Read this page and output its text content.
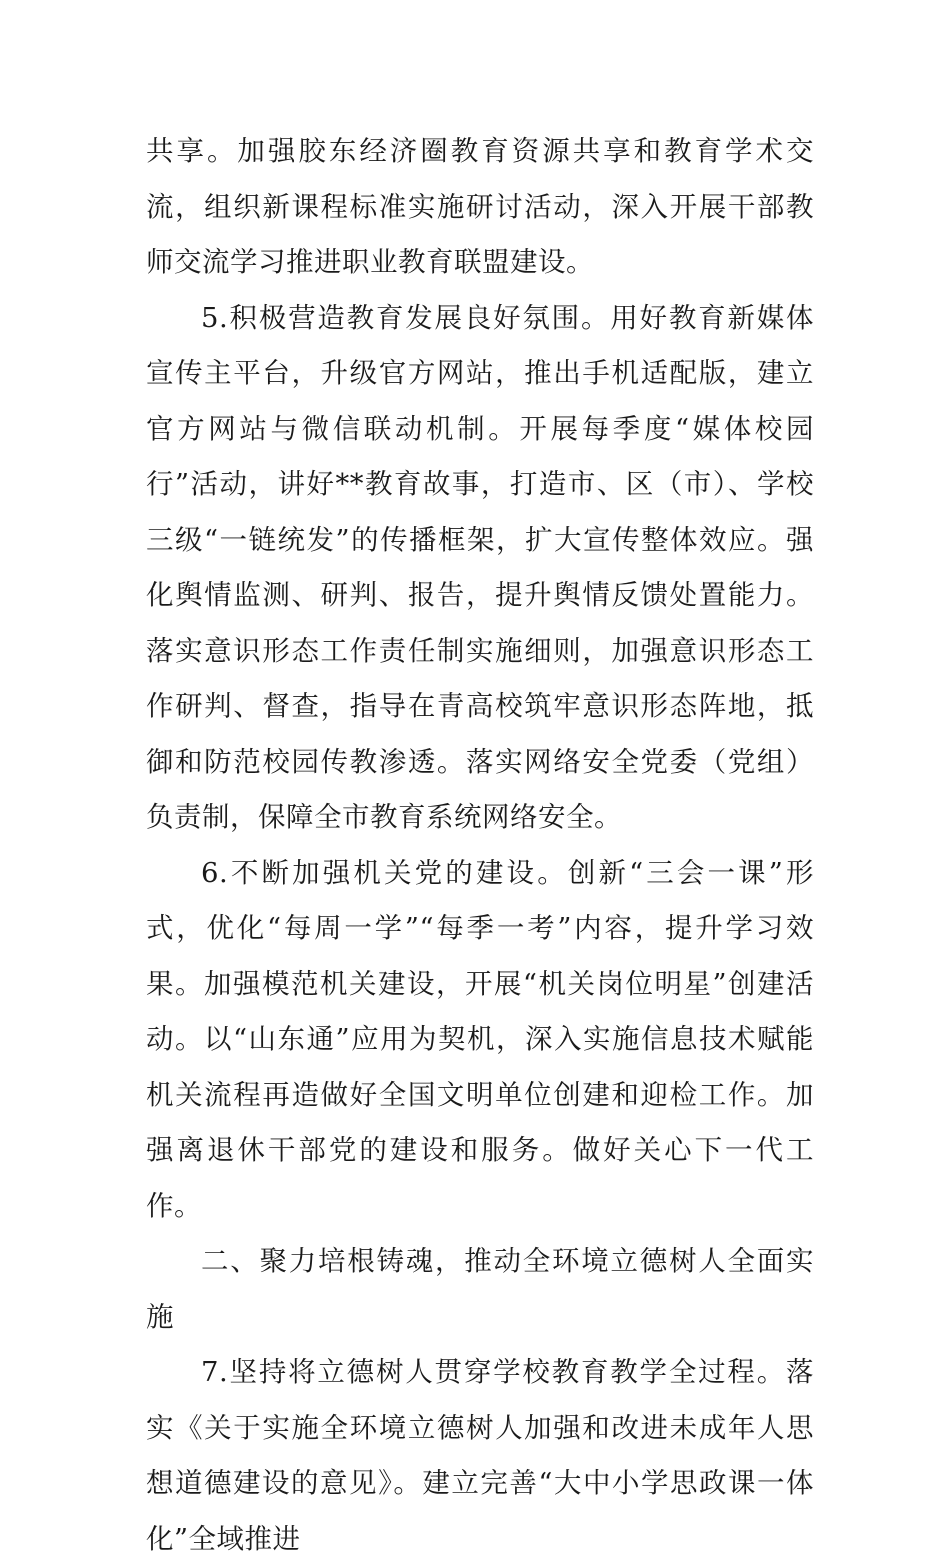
共享。加强胶东经济圈教育资源共享和教育学术交流，组织新课程标准实施研讨活动，深入开展干部教师交流学习推进职业教育联盟建设。

5.积极营造教育发展良好氛围。用好教育新媒体宣传主平台，升级官方网站，推出手机适配版，建立官方网站与微信联动机制。开展每季度“媒体校园行”活动，讲好**教育故事，打造市、区（市）、学校三级“一链统发”的传播框架，扩大宣传整体效应。强化舆情监测、研判、报告，提升舆情反馈处置能力。落实意识形态工作责任制实施细则，加强意识形态工作研判、督查，指导在青高校筑牢意识形态阵地，抵御和防范校园传教渗透。落实网络安全党委（党组）负责制，保障全市教育系统网络安全。

6.不断加强机关党的建设。创新“三会一课”形式，优化“每周一学”“每季一考”内容，提升学习效果。加强模范机关建设，开展“机关岗位明星”创建活动。以“山东通”应用为契机，深入实施信息技术赋能机关流程再造做好全国文明单位创建和迎检工作。加强离退休干部党的建设和服务。做好关心下一代工作。

二、聚力培根铸魂，推动全环境立德树人全面实施

7.坚持将立德树人贯穿学校教育教学全过程。落实《关于实施全环境立德树人加强和改进未成年人思想道德建设的意见》。建立完善“大中小学思政课一体化”全域推进
